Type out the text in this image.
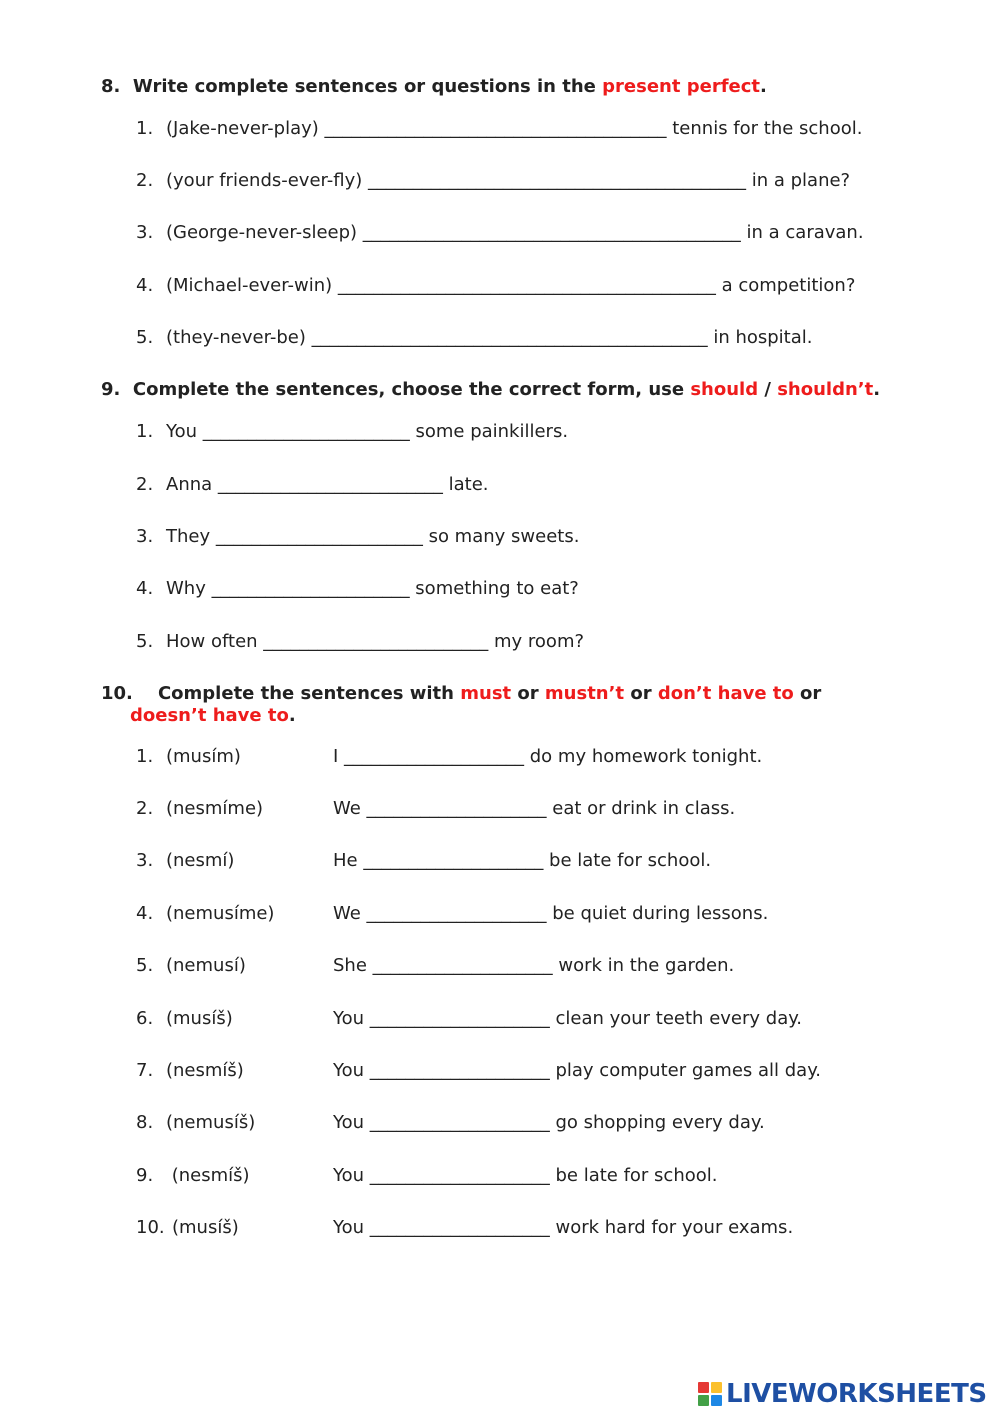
8. Write complete sentences or questions in the present perfect.

1. (Jake-never-play) ______________________________________ tennis for the school.
2. (your friends-ever-fly) __________________________________________ in a plane?
3. (George-never-sleep) __________________________________________ in a caravan.
4. (Michael-ever-win) __________________________________________ a competition?
5. (they-never-be) ____________________________________________ in hospital.

9. Complete the sentences, choose the correct form, use should / shouldn’t.

1. You _______________________ some painkillers.
2. Anna _________________________ late.
3. They _______________________ so many sweets.
4. Why ______________________ something to eat?
5. How often _________________________ my room?
10. Complete the sentences with must or mustn’t or don’t have to or
doesn’t have to.
1. (musím)	I ____________________ do my homework tonight.
2. (nesmíme)	We ____________________ eat or drink in class.
3. (nesmí)	He ____________________ be late for school.
4. (nemusíme)	We ____________________ be quiet during lessons.
5. (nemusí)	She ____________________ work in the garden.
6. (musíš)	You ____________________ clean your teeth every day.
7. (nesmíš)	You ____________________ play computer games all day.
8. (nemusíš)	You ____________________ go shopping every day.
9. (nesmíš)	You ____________________ be late for school.
10. (musíš)	You ____________________ work hard for your exams.
LIVEWORKSHEETS
